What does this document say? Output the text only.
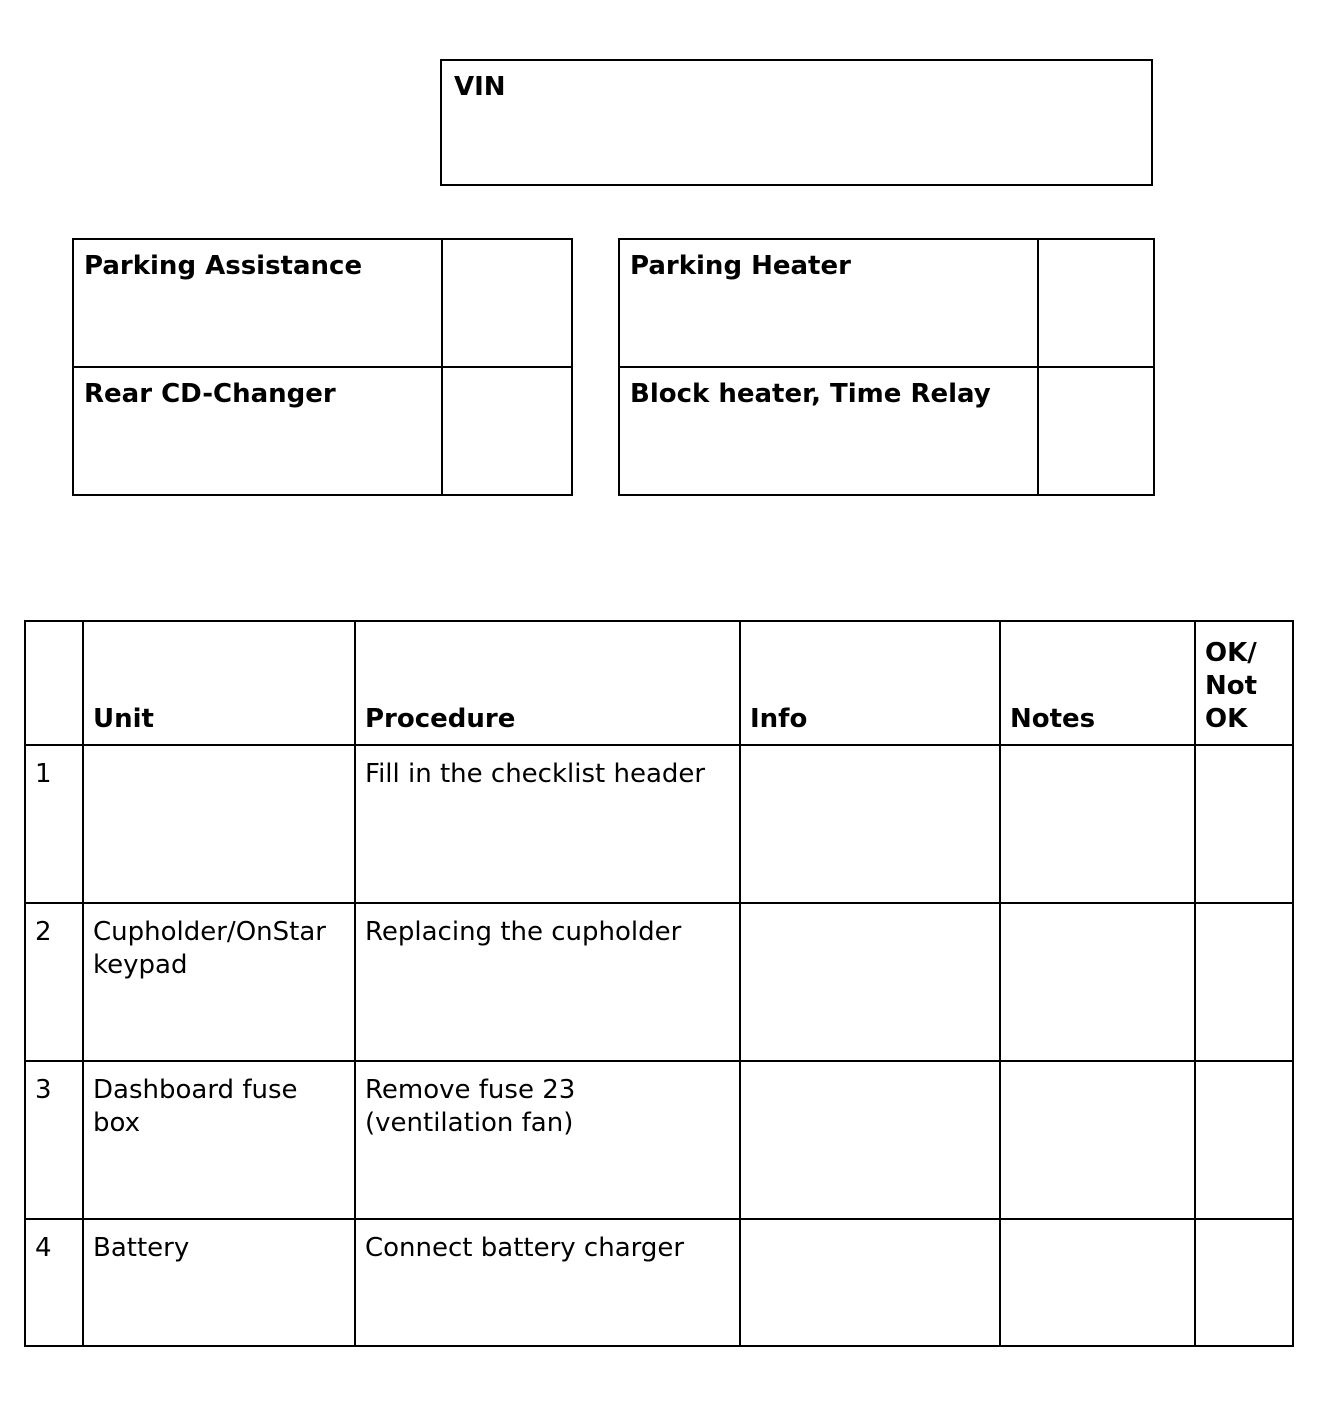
VIN
Parking Assistance	
Rear CD-Changer	
Parking Heater	
Block heater, Time Relay	
	Unit	Procedure	Info	Notes	OK/ Not OK
1		Fill in the checklist header			
2	Cupholder/OnStar keypad	Replacing the cupholder			
3	Dashboard fuse box	Remove fuse 23 (ventilation fan)			
4	Battery	Connect battery charger			
